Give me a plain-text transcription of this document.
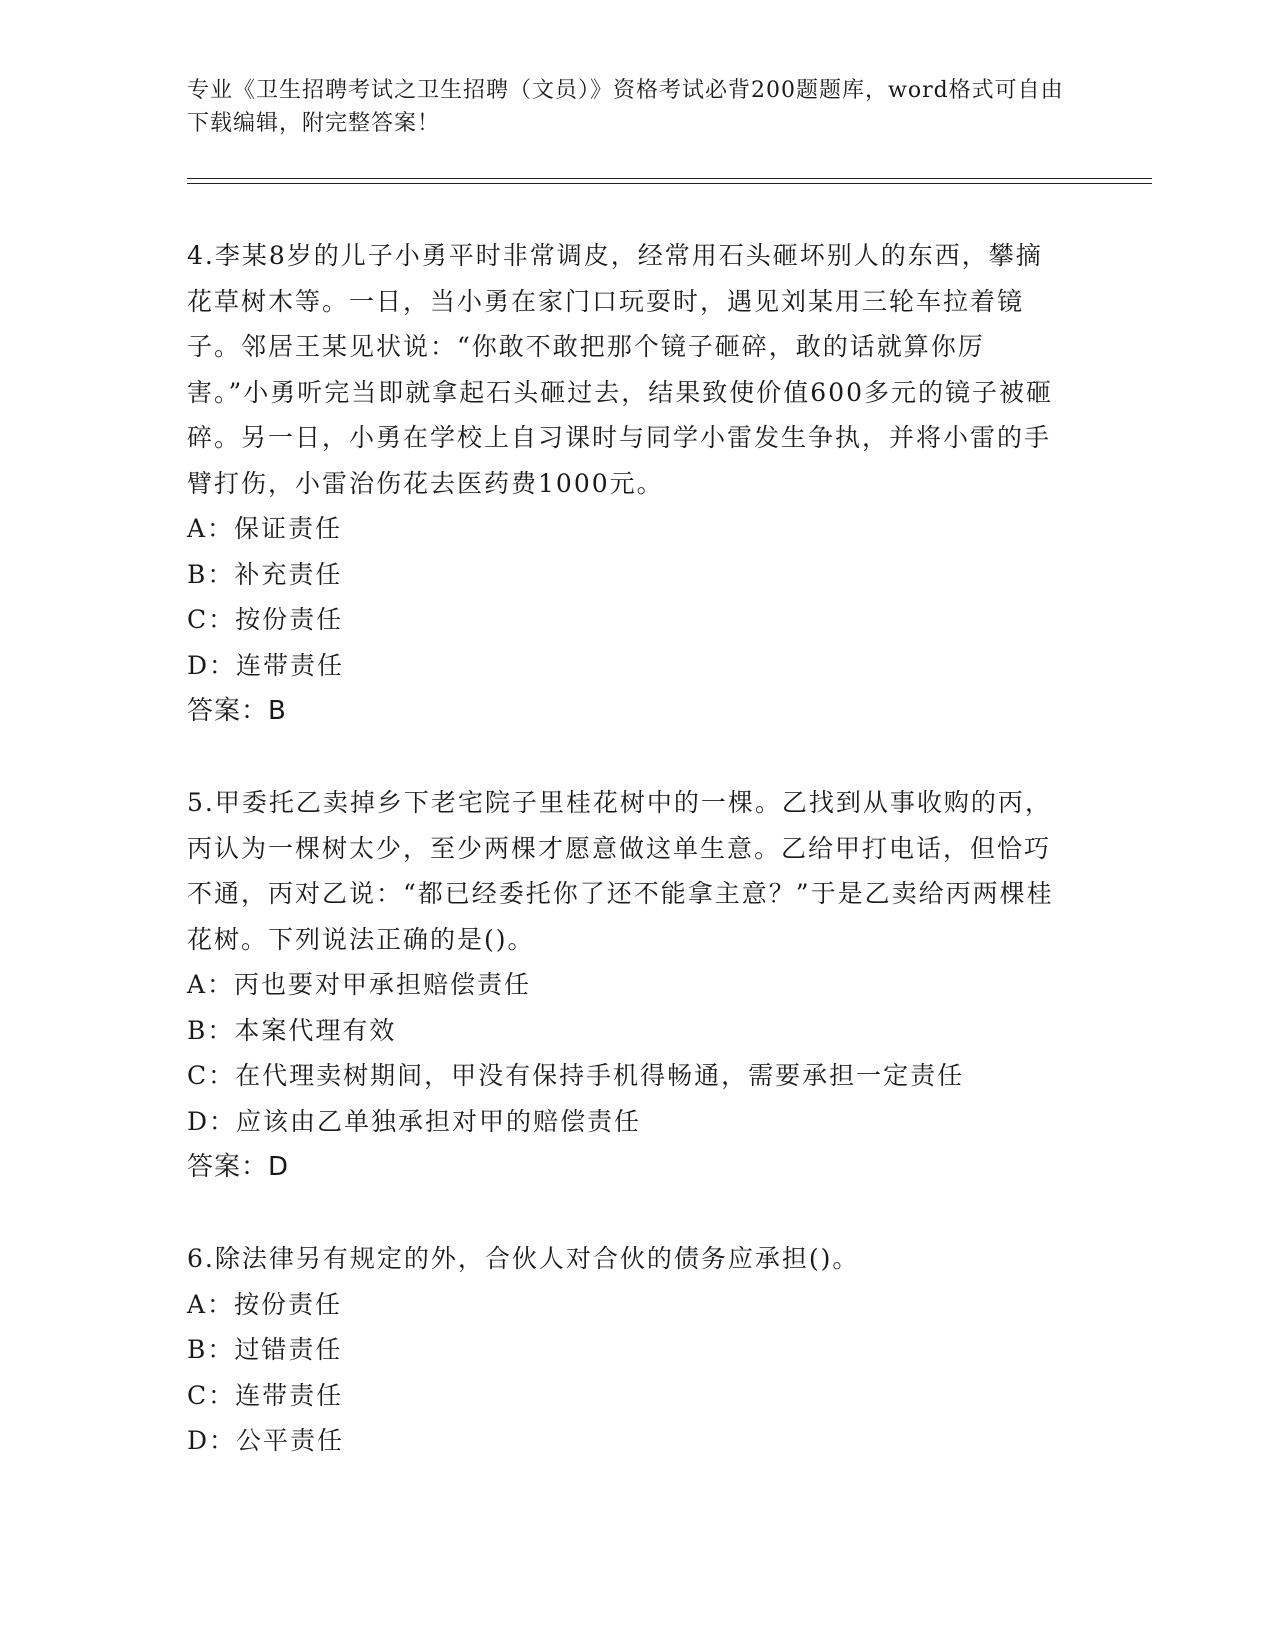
专业《卫生招聘考试之卫生招聘（文员）》资格考试必背200题题库，word格式可自由下载编辑，附完整答案！
4.李某8岁的儿子小勇平时非常调皮，经常用石头砸坏别人的东西，攀摘花草树木等。一日，当小勇在家门口玩耍时，遇见刘某用三轮车拉着镜子。邻居王某见状说：“你敢不敢把那个镜子砸碎，敢的话就算你厉害。”小勇听完当即就拿起石头砸过去，结果致使价值600多元的镜子被砸碎。另一日，小勇在学校上自习课时与同学小雷发生争执，并将小雷的手臂打伤，小雷治伤花去医药费1000元。
A：保证责任
B：补充责任
C：按份责任
D：连带责任
答案：B
5.甲委托乙卖掉乡下老宅院子里桂花树中的一棵。乙找到从事收购的丙，丙认为一棵树太少，至少两棵才愿意做这单生意。乙给甲打电话，但恰巧不通，丙对乙说：“都已经委托你了还不能拿主意？”于是乙卖给丙两棵桂花树。下列说法正确的是()。
A：丙也要对甲承担赔偿责任
B：本案代理有效
C：在代理卖树期间，甲没有保持手机得畅通，需要承担一定责任
D：应该由乙单独承担对甲的赔偿责任
答案：D
6.除法律另有规定的外，合伙人对合伙的债务应承担()。
A：按份责任
B：过错责任
C：连带责任
D：公平责任
